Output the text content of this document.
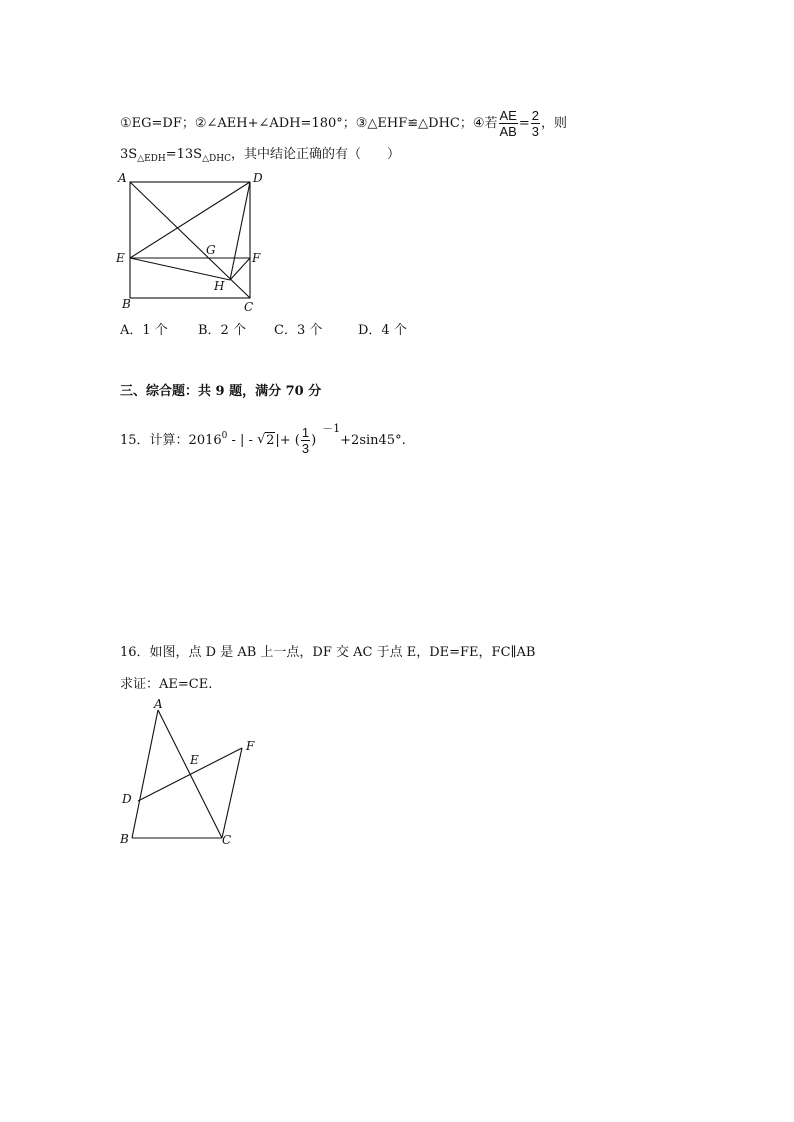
①EG=DF；②∠AEH+∠ADH=180°；③△EHF≌△DHC；④若 $\frac{AE}{AB} = \frac{2}{3}$ ，则
$3S_{\triangle EDH}=13S_{\triangle DHC}$，其中结论正确的有（　　）
A	D
E
G
F
H
B	C
A．1 个 B．2 个 C．3 个	D．4 个
三、综合题：共 9 题，满分 70 分
15．计算：2016$^0$ - | - √ 2|+ ( $\frac{1}{3} )^{-1}+2\sin 45^\circ$.
16．如图，点 D 是 AB 上一点，DF 交 AC 于点 E，DE=FE，FC∥AB
求证：AE=CE.
A
E
F
D
B	C
